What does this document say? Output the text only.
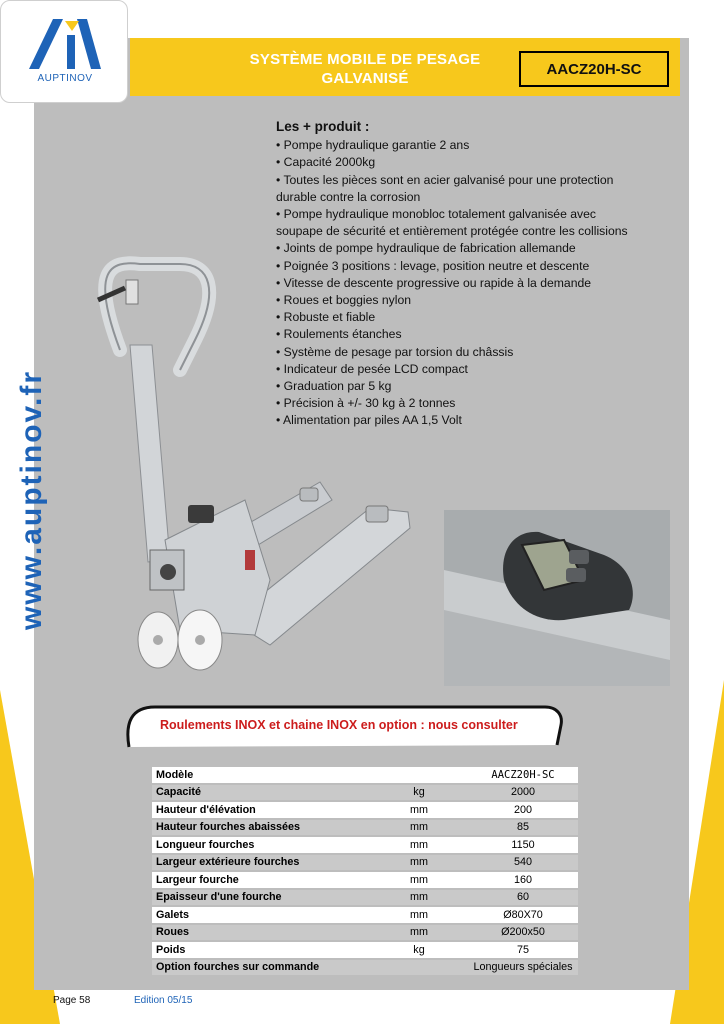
SYSTÈME MOBILE DE PESAGE
GALVANISÉ
AACZ20H-SC
AUPTINOV
www.auptinov.fr
Les + produit :
• Pompe hydraulique garantie 2 ans
• Capacité 2000kg
• Toutes les pièces sont en acier galvanisé pour une protection durable contre la corrosion
• Pompe hydraulique monobloc totalement galvanisée avec soupape de sécurité et entièrement protégée contre les collisions
• Joints de pompe hydraulique de fabrication allemande
• Poignée 3 positions : levage, position neutre et descente
• Vitesse de descente progressive ou rapide à la demande
• Roues et boggies nylon
• Robuste et fiable
• Roulements étanches
• Système de pesage par torsion du châssis
• Indicateur de pesée LCD compact
• Graduation par 5 kg
• Précision à +/- 30 kg à 2 tonnes
• Alimentation par piles AA 1,5 Volt
Roulements INOX et chaine INOX en option : nous consulter
Modèle		AACZ20H-SC
Capacité	kg	2000
Hauteur d'élévation	mm	200
Hauteur fourches abaissées	mm	85
Longueur fourches	mm	1150
Largeur extérieure fourches	mm	540
Largeur fourche	mm	160
Epaisseur d'une fourche	mm	60
Galets	mm	Ø80X70
Roues	mm	Ø200x50
Poids	kg	75
Option fourches sur commande		Longueurs spéciales
Page 58	Edition 05/15
